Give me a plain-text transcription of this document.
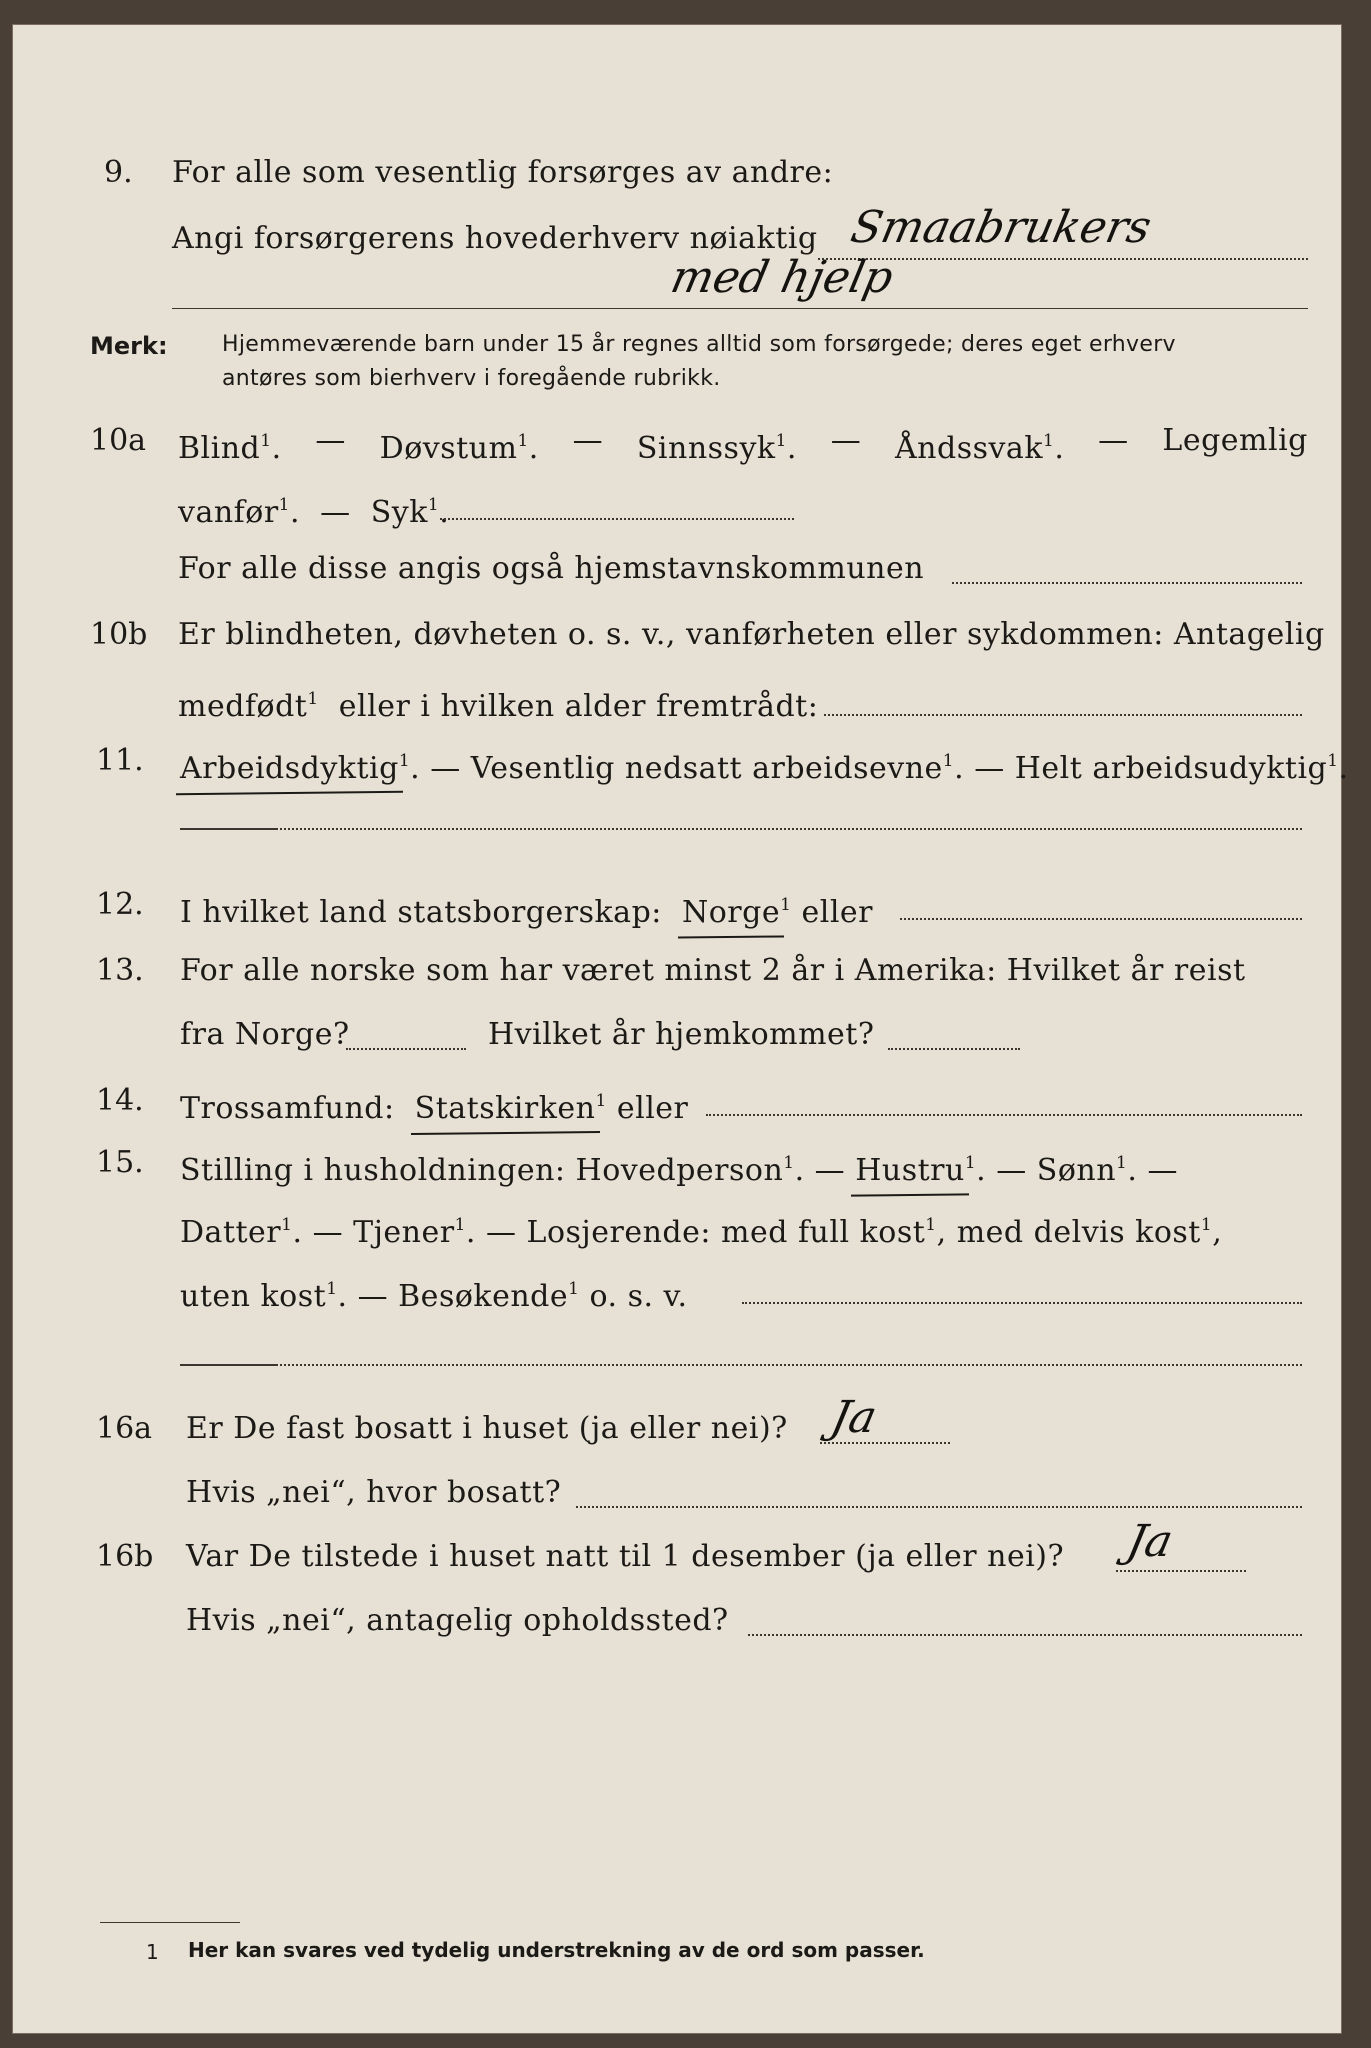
9.	For alle som vesentlig forsørges av andre:
Angi forsørgerens hovederhverv nøiaktig Smaabrukers
med hjelp
Merk: Hjemmeværende barn under 15 år regnes alltid som forsørgede; deres eget erhverv
antøres som bierhverv i foregående rubrikk.
10a	Blind$^1$. — Døvstum$^1$. — Sinnssyk$^1$. — Åndssvak$^1$. — Legemlig
vanfør$^1$.  — Syk$^1$.
For alle disse angis også hjemstavnskommunen
10b	Er blindheten, døvheten o. s. v., vanførheten eller sykdommen: Antagelig
medfødt$^1$ eller i hvilken alder fremtrådt:
11.	Arbeidsdyktig$^1$. — Vesentlig nedsatt arbeidsevne$^1$. — Helt arbeidsudyktig$^1$.
12.	I hvilket land statsborgerskap: Norge$^1$ eller
13.	For alle norske som har været minst 2 år i Amerika: Hvilket år reist
fra Norge?	Hvilket år hjemkommet?
14.	Trossamfund: Statskirken$^1$ eller
15.	Stilling i husholdningen: Hovedperson$^1$. — Hustru$^1$. — Sønn$^1$. —
Datter$^1$. — Tjener$^1$. — Losjerende: med full kost$^1$, med delvis kost$^1$,
uten kost$^1$. — Besøkende$^1$ o. s. v.
16a	Er De fast bosatt i huset (ja eller nei)? Ja
Hvis „nei“, hvor bosatt?
16b	Var De tilstede i huset natt til 1 desember (ja eller nei)? Ja
Hvis „nei“, antagelig opholdssted?
1 Her kan svares ved tydelig understrekning av de ord som passer.
